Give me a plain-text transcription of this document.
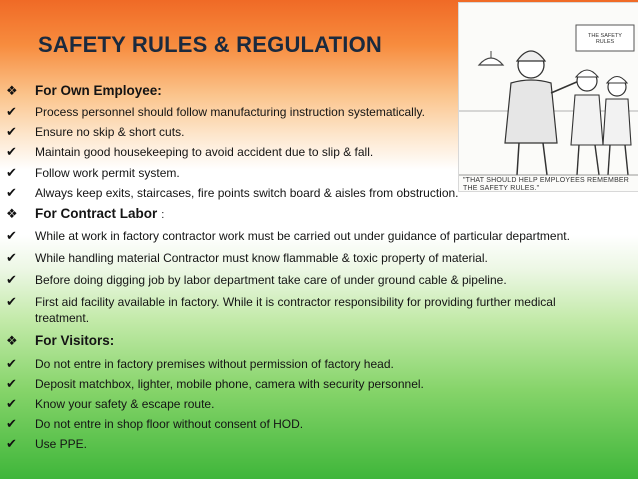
SAFETY RULES & REGULATION	THE SAFETY RULES
"THAT SHOULD HELP EMPLOYEES REMEMBER THE SAFETY RULES."
❖	For Own Employee:
✔	Process personnel should follow manufacturing instruction systematically.
✔	Ensure no skip & short cuts.
✔	Maintain good housekeeping to avoid accident due to slip & fall.
✔	Follow work permit system.
✔	Always keep exits, staircases, fire points switch board & aisles from obstruction.
❖	For Contract Labor :
✔	While at work in factory contractor work must be carried out under guidance of particular department.
✔	While handling material Contractor must know flammable & toxic property of material.
✔	Before doing digging job by labor department take care of under ground cable & pipeline.
✔	First aid facility available in factory. While it is contractor responsibility for providing further medical treatment.
❖	For Visitors:
✔	Do not entre in factory premises without permission of factory head.
✔	Deposit matchbox, lighter, mobile phone, camera with security personnel.
✔	Know your safety & escape route.
✔	Do not entre in shop floor without consent of HOD.
✔	Use PPE.
